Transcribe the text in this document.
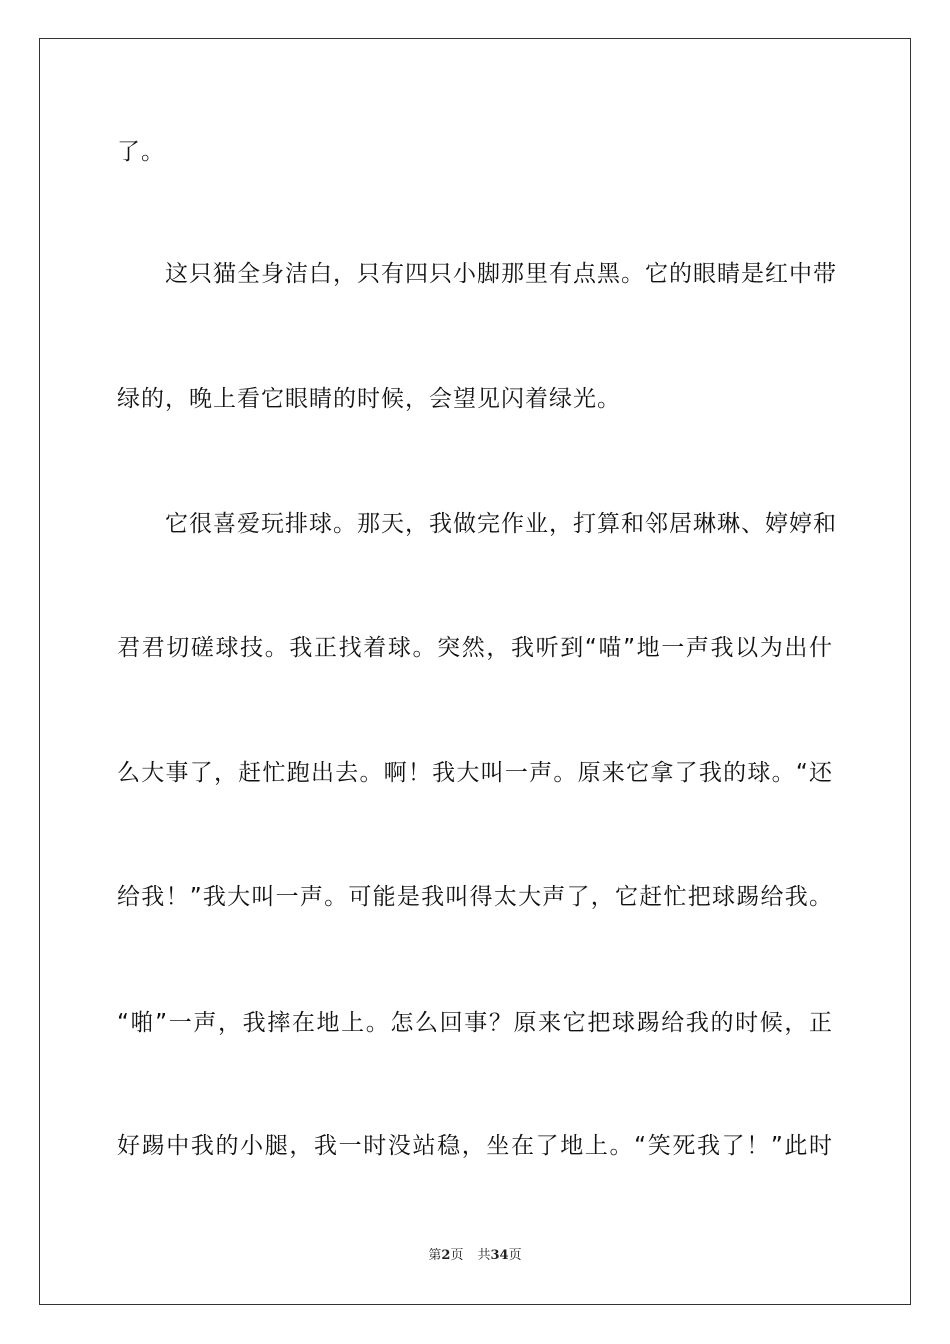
了。
这只猫全身洁白，只有四只小脚那里有点黑。它的眼睛是红中带
绿的，晚上看它眼睛的时候，会望见闪着绿光。
它很喜爱玩排球。那天，我做完作业，打算和邻居琳琳、婷婷和
君君切磋球技。我正找着球。突然，我听到“喵”地一声我以为出什
么大事了，赶忙跑出去。啊！我大叫一声。原来它拿了我的球。“还
给我！”我大叫一声。可能是我叫得太大声了，它赶忙把球踢给我。
“啪”一声，我摔在地上。怎么回事？原来它把球踢给我的时候，正
好踢中我的小腿，我一时没站稳，坐在了地上。“笑死我了！”此时
第2页 共34页
